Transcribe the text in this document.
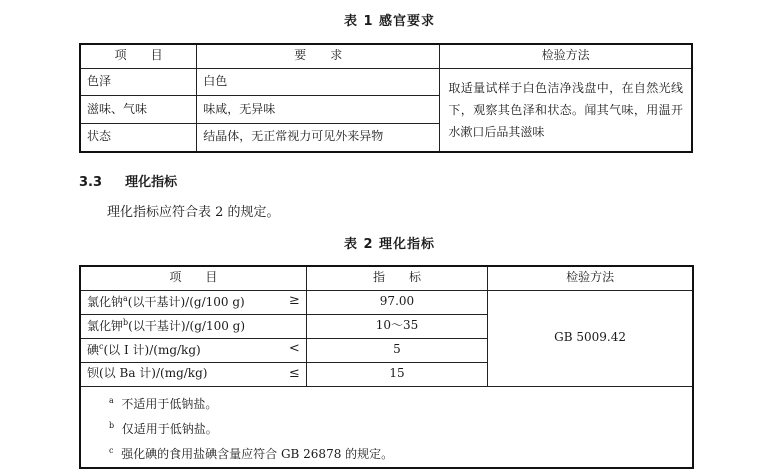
表 1 感官要求
项　　目	要　　求	检验方法
色泽	白色	取适量试样于白色洁净浅盘中，在自然光线下，观察其色泽和状态。闻其气味，用温开水漱口后品其滋味
滋味、气味	味咸，无异味	
状态	结晶体，无正常视力可见外来异物	
3.3 理化指标
理化指标应符合表 2 的规定。
表 2 理化指标
项　　目	指　　标	检验方法
氯化钠$^a$(以干基计)/(g/100 g) ≥	97.00	GB 5009.42
氯化钾$^b$(以干基计)/(g/100 g)	10～35	
碘$^c$(以 I 计)/(mg/kg) <	5	
钡(以 Ba 计)/(mg/kg) ≤	15	

$^a$ 不适用于低钠盐。
$^b$ 仅适用于低钠盐。
$^c$ 强化碘的食用盐碘含量应符合 GB 26878 的规定。		
